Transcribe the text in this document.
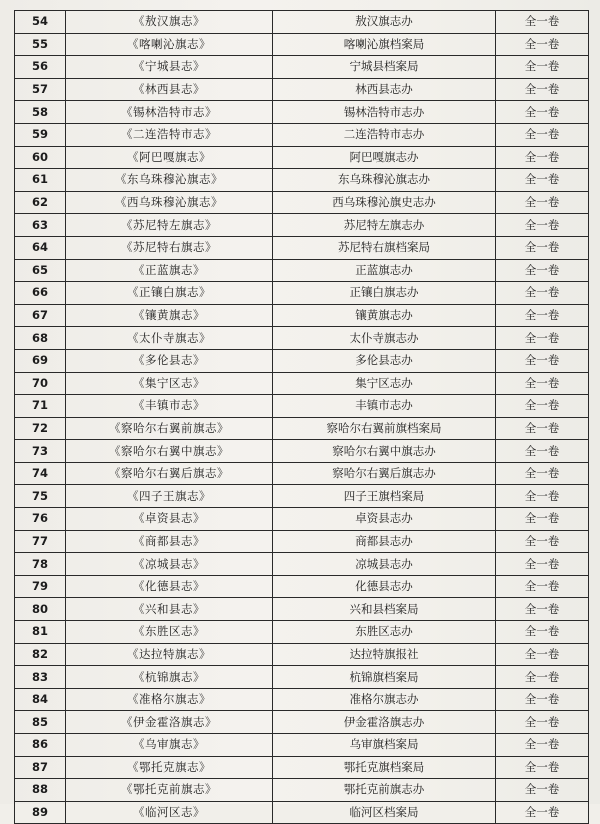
54	《敖汉旗志》	敖汉旗志办	全一卷
55	《喀喇沁旗志》	喀喇沁旗档案局	全一卷
56	《宁城县志》	宁城县档案局	全一卷
57	《林西县志》	林西县志办	全一卷
58	《锡林浩特市志》	锡林浩特市志办	全一卷
59	《二连浩特市志》	二连浩特市志办	全一卷
60	《阿巴嘎旗志》	阿巴嘎旗志办	全一卷
61	《东乌珠穆沁旗志》	东乌珠穆沁旗志办	全一卷
62	《西乌珠穆沁旗志》	西乌珠穆沁旗史志办	全一卷
63	《苏尼特左旗志》	苏尼特左旗志办	全一卷
64	《苏尼特右旗志》	苏尼特右旗档案局	全一卷
65	《正蓝旗志》	正蓝旗志办	全一卷
66	《正镶白旗志》	正镶白旗志办	全一卷
67	《镶黄旗志》	镶黄旗志办	全一卷
68	《太仆寺旗志》	太仆寺旗志办	全一卷
69	《多伦县志》	多伦县志办	全一卷
70	《集宁区志》	集宁区志办	全一卷
71	《丰镇市志》	丰镇市志办	全一卷
72	《察哈尔右翼前旗志》	察哈尔右翼前旗档案局	全一卷
73	《察哈尔右翼中旗志》	察哈尔右翼中旗志办	全一卷
74	《察哈尔右翼后旗志》	察哈尔右翼后旗志办	全一卷
75	《四子王旗志》	四子王旗档案局	全一卷
76	《卓资县志》	卓资县志办	全一卷
77	《商都县志》	商都县志办	全一卷
78	《凉城县志》	凉城县志办	全一卷
79	《化德县志》	化德县志办	全一卷
80	《兴和县志》	兴和县档案局	全一卷
81	《东胜区志》	东胜区志办	全一卷
82	《达拉特旗志》	达拉特旗报社	全一卷
83	《杭锦旗志》	杭锦旗档案局	全一卷
84	《准格尔旗志》	准格尔旗志办	全一卷
85	《伊金霍洛旗志》	伊金霍洛旗志办	全一卷
86	《乌审旗志》	乌审旗档案局	全一卷
87	《鄂托克旗志》	鄂托克旗档案局	全一卷
88	《鄂托克前旗志》	鄂托克前旗志办	全一卷
89	《临河区志》	临河区档案局	全一卷
